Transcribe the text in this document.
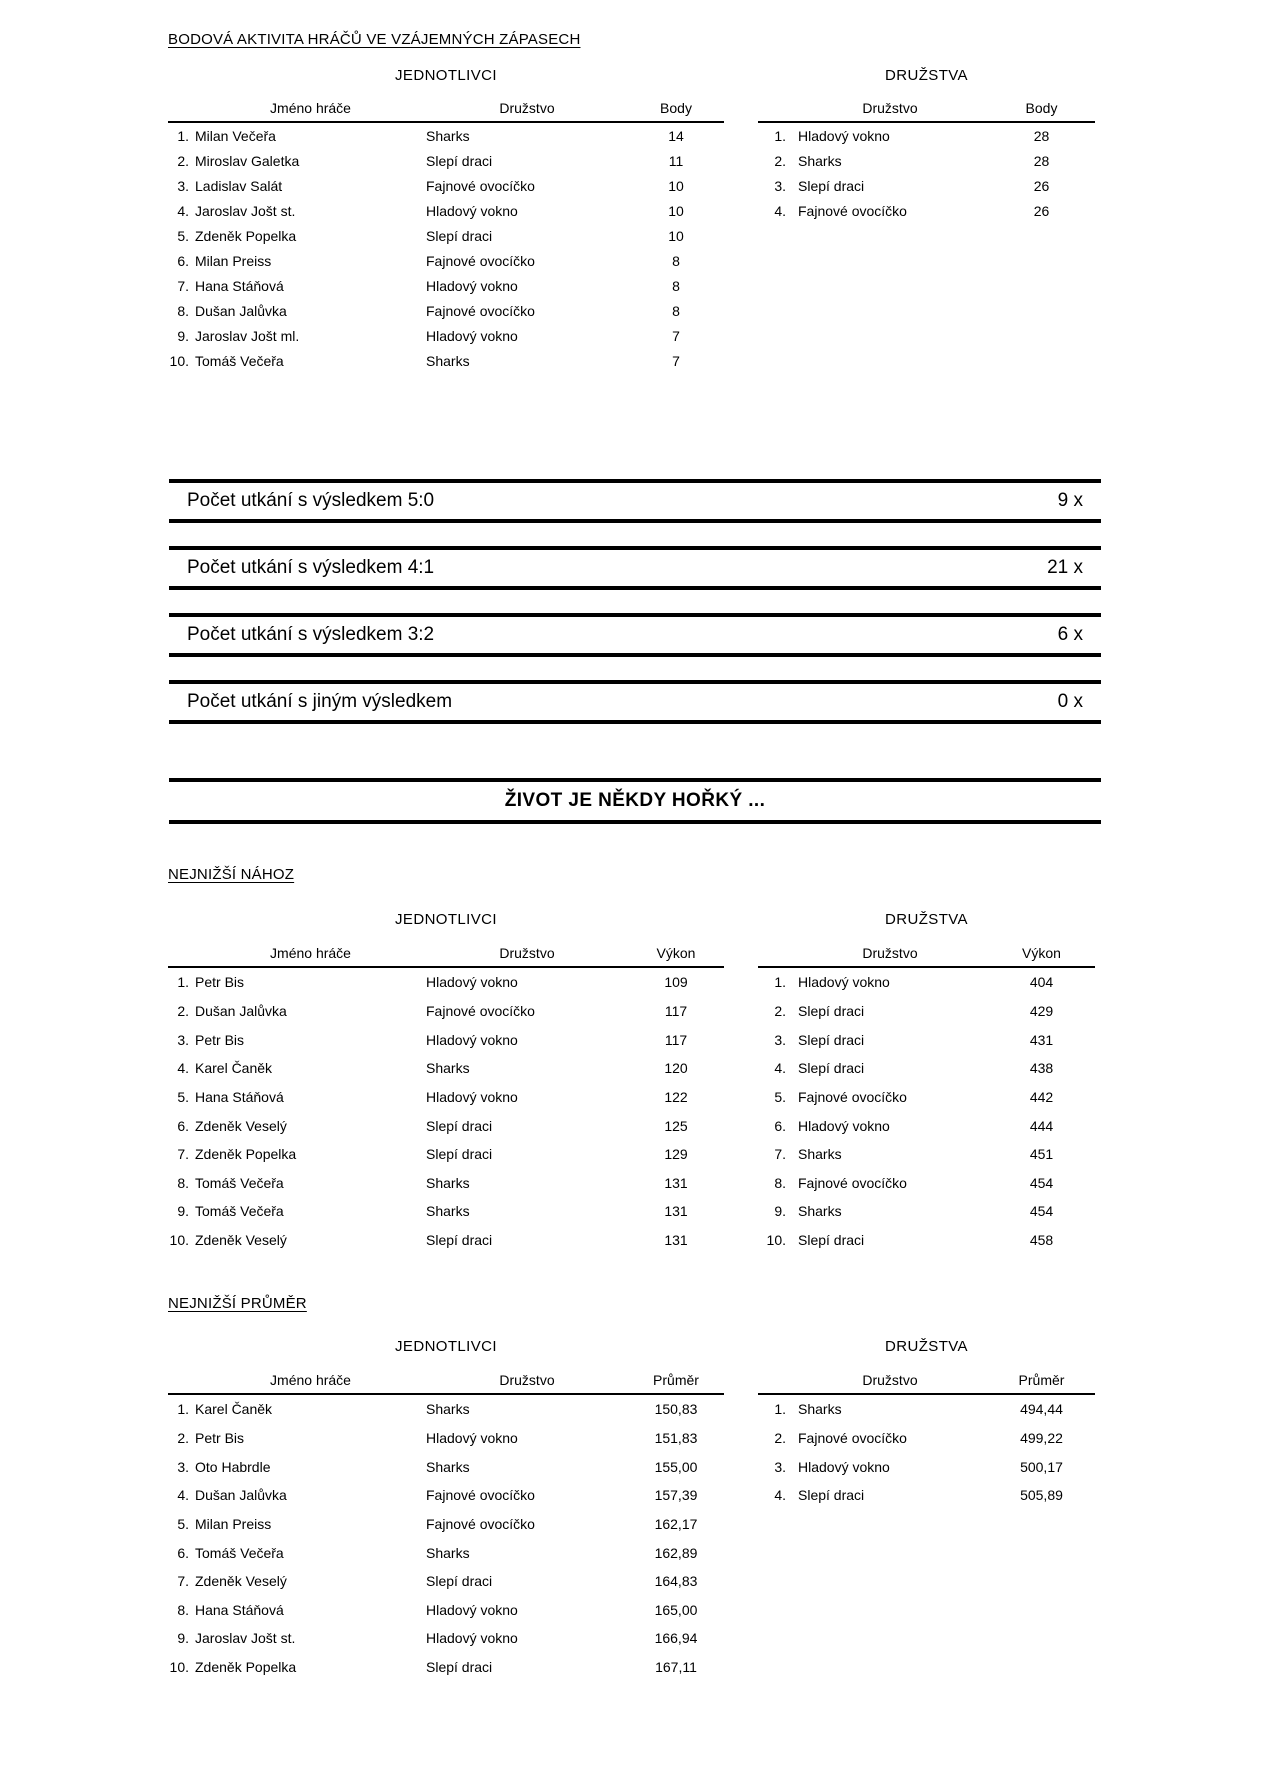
BODOVÁ AKTIVITA HRÁČŮ VE VZÁJEMNÝCH ZÁPASECH
JEDNOTLIVCI	DRUŽSTVA
Jméno hráče	Družstvo	Body
1. Milan Večeřa	Sharks	14
2. Miroslav Galetka	Slepí draci	11
3. Ladislav Salát	Fajnové ovocíčko	10
4. Jaroslav Jošt st.	Hladový vokno	10
5. Zdeněk Popelka	Slepí draci	10
6. Milan Preiss	Fajnové ovocíčko	8
7. Hana Stáňová	Hladový vokno	8
8. Dušan Jalůvka	Fajnové ovocíčko	8
9. Jaroslav Jošt ml.	Hladový vokno	7
10. Tomáš Večeřa	Sharks	7
Družstvo	Body
1. Hladový vokno	28
2. Sharks	28
3. Slepí draci	26
4. Fajnové ovocíčko	26
Počet utkání s výsledkem 5:0	9 x
Počet utkání s výsledkem 4:1	21 x
Počet utkání s výsledkem 3:2	6 x
Počet utkání s jiným výsledkem	0 x
ŽIVOT JE NĚKDY HOŘKÝ ...
NEJNIŽŠÍ NÁHOZ
JEDNOTLIVCI	DRUŽSTVA
Jméno hráče	Družstvo	Výkon
1. Petr Bis	Hladový vokno	109
2. Dušan Jalůvka	Fajnové ovocíčko	117
3. Petr Bis	Hladový vokno	117
4. Karel Čaněk	Sharks	120
5. Hana Stáňová	Hladový vokno	122
6. Zdeněk Veselý	Slepí draci	125
7. Zdeněk Popelka	Slepí draci	129
8. Tomáš Večeřa	Sharks	131
9. Tomáš Večeřa	Sharks	131
10. Zdeněk Veselý	Slepí draci	131
Družstvo	Výkon
1. Hladový vokno	404
2. Slepí draci	429
3. Slepí draci	431
4. Slepí draci	438
5. Fajnové ovocíčko	442
6. Hladový vokno	444
7. Sharks	451
8. Fajnové ovocíčko	454
9. Sharks	454
10. Slepí draci	458
NEJNIŽŠÍ PRŮMĚR
JEDNOTLIVCI	DRUŽSTVA
Jméno hráče	Družstvo	Průměr
1. Karel Čaněk	Sharks	150,83
2. Petr Bis	Hladový vokno	151,83
3. Oto Habrdle	Sharks	155,00
4. Dušan Jalůvka	Fajnové ovocíčko	157,39
5. Milan Preiss	Fajnové ovocíčko	162,17
6. Tomáš Večeřa	Sharks	162,89
7. Zdeněk Veselý	Slepí draci	164,83
8. Hana Stáňová	Hladový vokno	165,00
9. Jaroslav Jošt st.	Hladový vokno	166,94
10. Zdeněk Popelka	Slepí draci	167,11
Družstvo	Průměr
1. Sharks	494,44
2. Fajnové ovocíčko	499,22
3. Hladový vokno	500,17
4. Slepí draci	505,89
